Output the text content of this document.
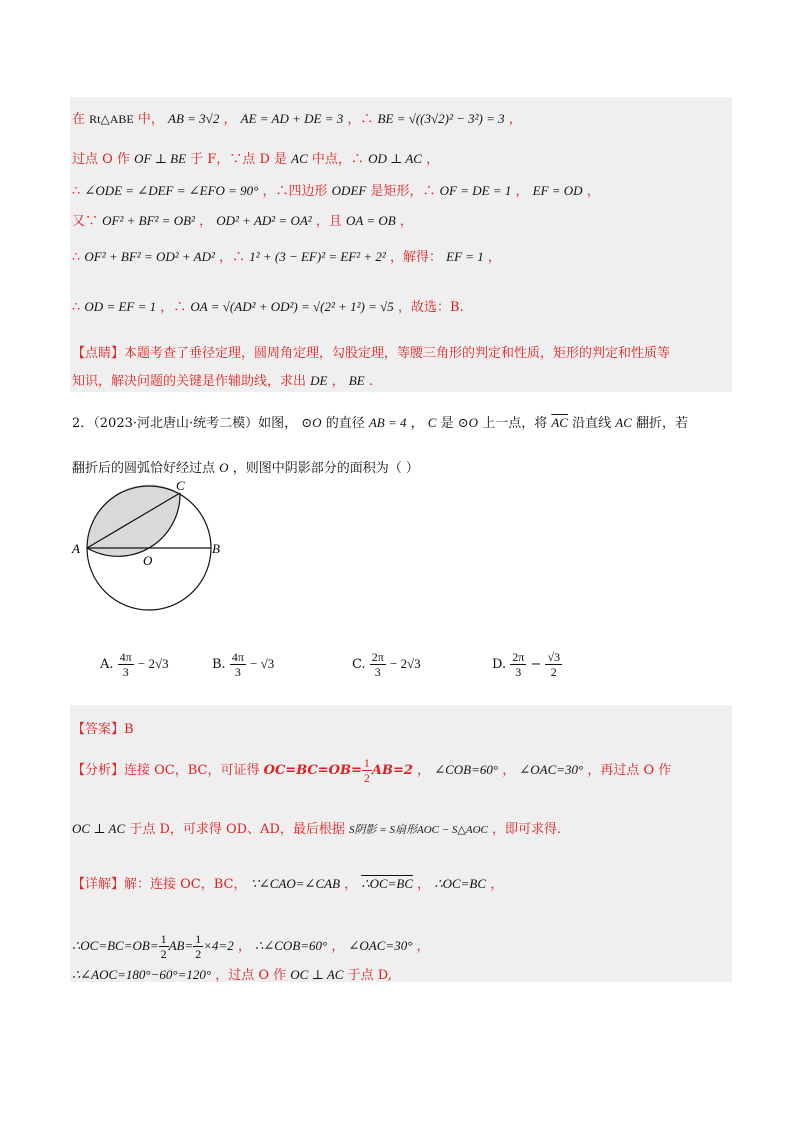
在 Rt△ABE 中， AB = 3√2 ， AE = AD + DE = 3 ，∴ BE = √((3√2)² − 3²) = 3 ，
过点 O 作 OF ⊥ BE 于 F，∵点 D 是 AC 中点，∴ OD ⊥ AC ，
∴ ∠ODE = ∠DEF = ∠EFO = 90° ，∴四边形 ODEF 是矩形，∴ OF = DE = 1 ， EF = OD ，
又∵ OF² + BF² = OB² ， OD² + AD² = OA² ，且 OA = OB ，
∴ OF² + BF² = OD² + AD² ，∴ 1² + (3 − EF)² = EF² + 2² ，解得： EF = 1 ，
∴ OD = EF = 1 ，∴ OA = √(AD² + OD²) = √(2² + 1²) = √5 ，故选：B.
【点睛】本题考查了垂径定理，圆周角定理，勾股定理，等腰三角形的判定和性质，矩形的判定和性质等
知识，解决问题的关键是作辅助线，求出 DE ， BE .
2．（2023·河北唐山·统考二模）如图， ⊙O 的直径 AB = 4 ， C 是 ⊙O 上一点，将 $\overline{AC}$ 沿直线 AC 翻折，若
翻折后的圆弧恰好经过点 O ，则图中阴影部分的面积为（ ）
A	B
C
O
A. $\frac{4\pi}{3} - 2√3$	B. $\frac{4\pi}{3} - √3$	C. $\frac{2\pi}{3} - 2√3$	D. $\frac{2\pi}{3} - \frac{√3}{2}$
【答案】B
【分析】连接 OC，BC，可证得 $OC=BC=OB= \frac{1}{2} AB=2$ ， ∠COB=60° ， ∠OAC=30° ，再过点 O 作
OC ⊥ AC 于点 D，可求得 OD、AD，最后根据 S阴影 = S扇形AOC − S△AOC ，即可求得.
【详解】解：连接 OC，BC， ∵∠CAO=∠CAB ， ∴OC=BC ， ∴OC=BC ，
∴OC=BC=OB= $\frac{1}{2} AB= \frac{1}{2} \times 4=2$ ， ∴∠COB=60° ， ∠OAC=30° ，
∴∠AOC=180°−60°=120° ，过点 O 作 OC ⊥ AC 于点 D,
